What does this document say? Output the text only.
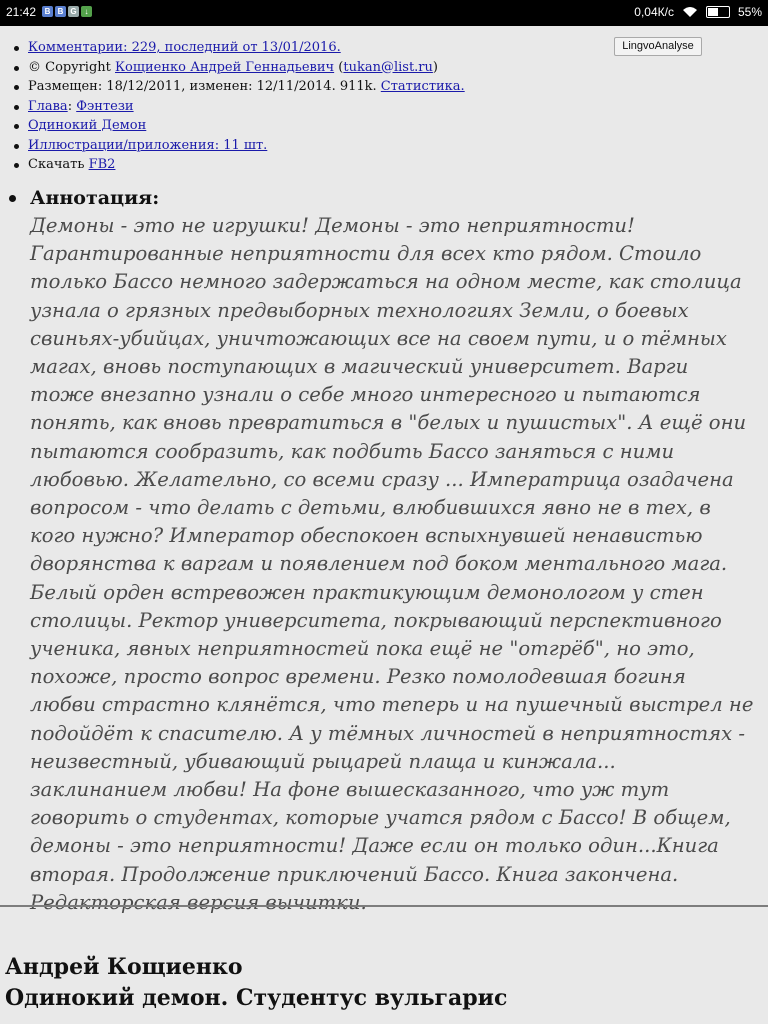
21:42	В В G ↓	0,04К/с	55%
LingvoAnalyse
Комментарии: 229, последний от 13/01/2016.
© Copyright Кощиенко Андрей Геннадьевич (tukan@list.ru)
Размещен: 18/12/2011, изменен: 12/11/2014. 911k. Статистика.
Глава: Фэнтези
Одинокий Демон
Иллюстрации/приложения: 11 шт.
Скачать FB2
Аннотация:

Демоны - это не игрушки! Демоны - это неприятности! Гарантированные неприятности для всех кто рядом. Стоило только Бассо немного задержаться на одном месте, как столица узнала о грязных предвыборных технологиях Земли, о боевых свиньях-убийцах, уничтожающих все на своем пути, и о тёмных магах, вновь поступающих в магический университет. Варги тоже внезапно узнали о себе много интересного и пытаются понять, как вновь превратиться в "белых и пушистых". А ещё они пытаются сообразить, как подбить Бассо заняться с ними любовью. Желательно, со всеми сразу ... Императрица озадачена вопросом - что делать с детьми, влюбившихся явно не в тех, в кого нужно? Император обеспокоен вспыхнувшей ненавистью дворянства к варгам и появлением под боком ментального мага. Белый орден встревожен практикующим демонологом у стен столицы. Ректор университета, покрывающий перспективного ученика, явных неприятностей пока ещё не "отгрёб", но это, похоже, просто вопрос времени. Резко помолодевшая богиня любви страстно клянётся, что теперь и на пушечный выстрел не подойдёт к спасителю. А у тёмных личностей в неприятностях - неизвестный, убивающий рыцарей плаща и кинжала... заклинанием любви! На фоне вышесказанного, что уж тут говорить о студентах, которые учатся рядом с Бассо! В общем, демоны - это неприятности! Даже если он только один...Книга вторая. Продолжение приключений Бассо. Книга закончена. Редакторская версия вычитки.

Андрей Кощиенко
Одинокий демон. Студентус вульгарис
